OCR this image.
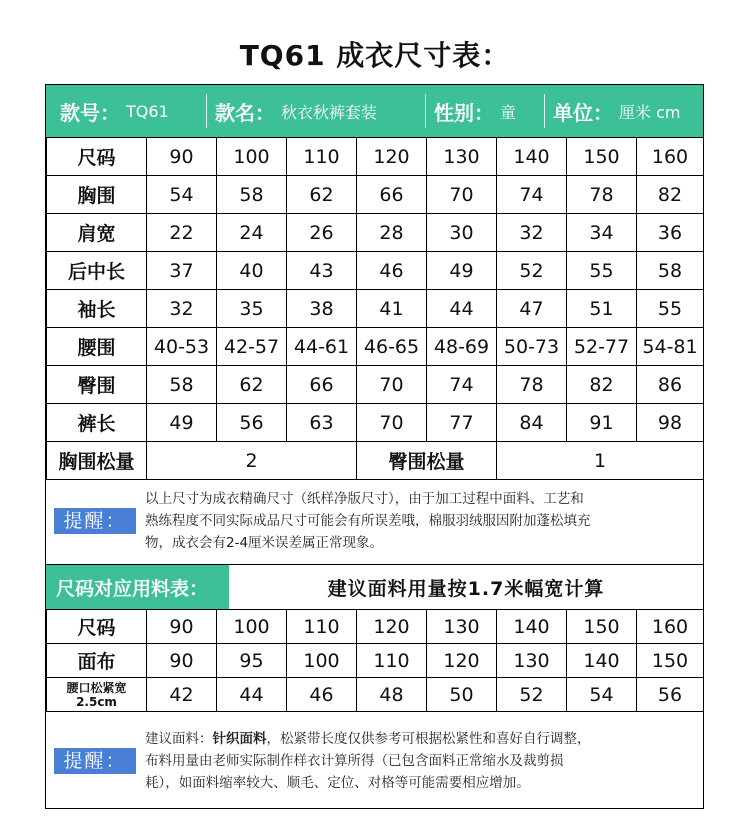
TQ61 成衣尺寸表：
款号： TQ61 款名： 秋衣秋裤套装	性别： 童 单位： 厘米 cm
尺码	90	100	110	120	130	140	150	160
胸围	54	58	62	66	70	74	78	82
肩宽	22	24	26	28	30	32	34	36
后中长	37	40	43	46	49	52	55	58
袖长	32	35	38	41	44	47	51	55
腰围	40-53	42-57	44-61	46-65	48-69	50-73	52-77	54-81
臀围	58	62	66	70	74	78	82	86
裤长	49	56	63	70	77	84	91	98
胸围松量	2			臀围松量		1		
提醒：
以上尺寸为成衣精确尺寸（纸样净版尺寸），由于加工过程中面料、工艺和
熟练程度不同实际成品尺寸可能会有所误差哦，棉服羽绒服因附加蓬松填充
物，成衣会有2-4厘米误差属正常现象。
尺码对应用料表：	建议面料用量按1.7米幅宽计算
尺码	90	100	110	120	130	140	150	160
面布	90	95	100	110	120	130	140	150

腰口松紧宽
2.5cm	42	44	46	48	50	52	54	56
提醒：
建议面料：针织面料，松紧带长度仅供参考可根据松紧性和喜好自行调整，
布料用量由老师实际制作样衣计算所得（已包含面料正常缩水及裁剪损
耗），如面料缩率较大、顺毛、定位、对格等可能需要相应增加。
